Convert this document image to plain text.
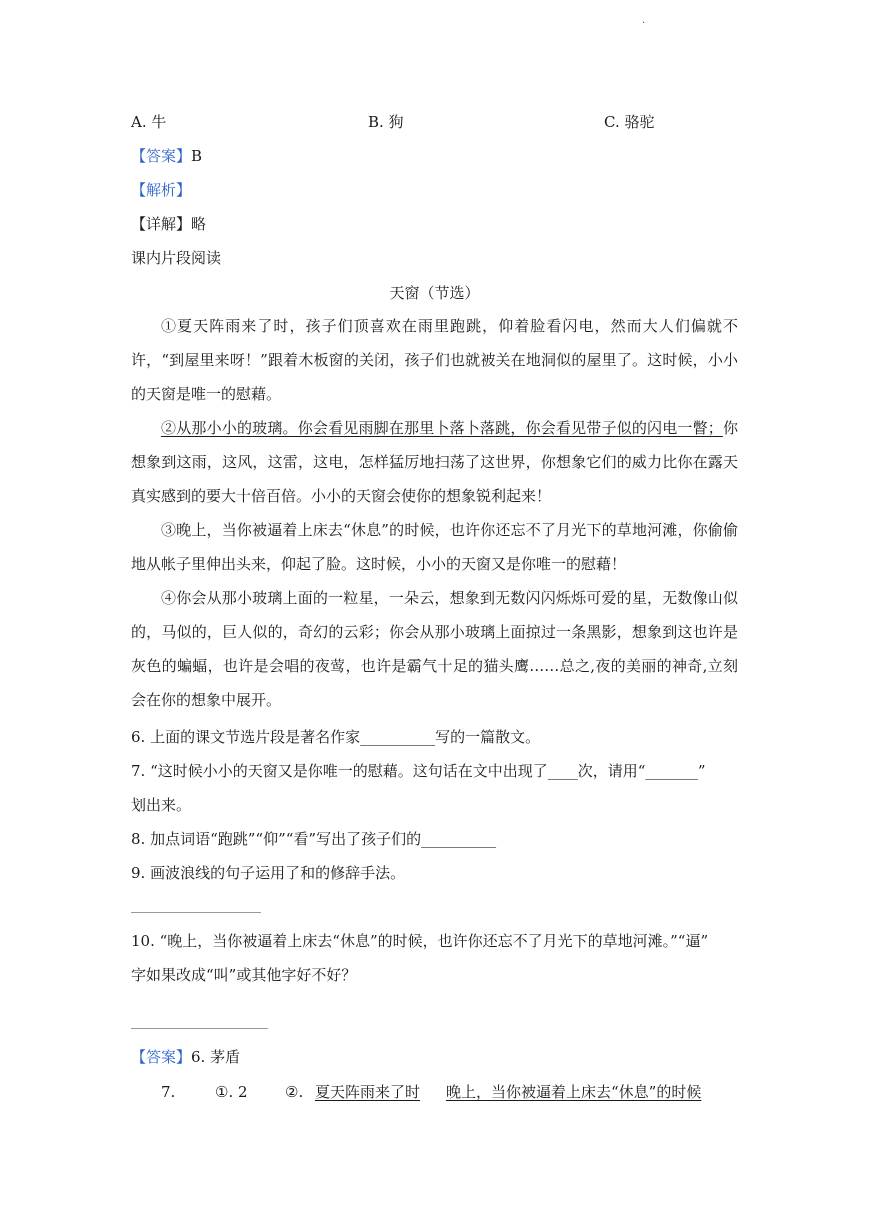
·
A. 牛	B. 狗	C. 骆驼
【答案】B
【解析】
【详解】略
课内片段阅读
天窗（节选）
①夏天阵雨来了时，孩子们顶喜欢在雨里跑跳，仰着脸看闪电，然而大人们偏就不许，“到屋里来呀！”跟着木板窗的关闭，孩子们也就被关在地洞似的屋里了。这时候，小小的天窗是唯一的慰藉。
②从那小小的玻璃。你会看见雨脚在那里卜落卜落跳，你会看见带子似的闪电一瞥；你想象到这雨，这风，这雷，这电，怎样猛厉地扫荡了这世界，你想象它们的威力比你在露天真实感到的要大十倍百倍。小小的天窗会使你的想象锐利起来！
③晚上，当你被逼着上床去“休息”的时候，也许你还忘不了月光下的草地河滩，你偷偷地从帐子里伸出头来，仰起了脸。这时候，小小的天窗又是你唯一的慰藉！
④你会从那小玻璃上面的一粒星，一朵云，想象到无数闪闪烁烁可爱的星，无数像山似的，马似的，巨人似的，奇幻的云彩；你会从那小玻璃上面掠过一条黑影，想象到这也许是灰色的蝙蝠，也许是会唱的夜莺，也许是霸气十足的猫头鹰……总之,夜的美丽的神奇,立刻会在你的想象中展开。
6. 上面的课文节选片段是著名作家__________写的一篇散文。
7. “这时候小小的天窗又是你唯一的慰藉。这句话在文中出现了____次，请用“_______”
划出来。
8. 加点词语“跑跳”“仰”“看”写出了孩子们的__________
9. 画波浪线的句子运用了和的修辞手法。
10. “晚上，当你被逼着上床去“休息”的时候，也许你还忘不了月光下的草地河滩。”“逼”
字如果改成“叫”或其他字好不好？
【答案】6. 茅盾
7.	①. 2 ②. 夏天阵雨来了时 晚上，当你被逼着上床去“休息”的时候
